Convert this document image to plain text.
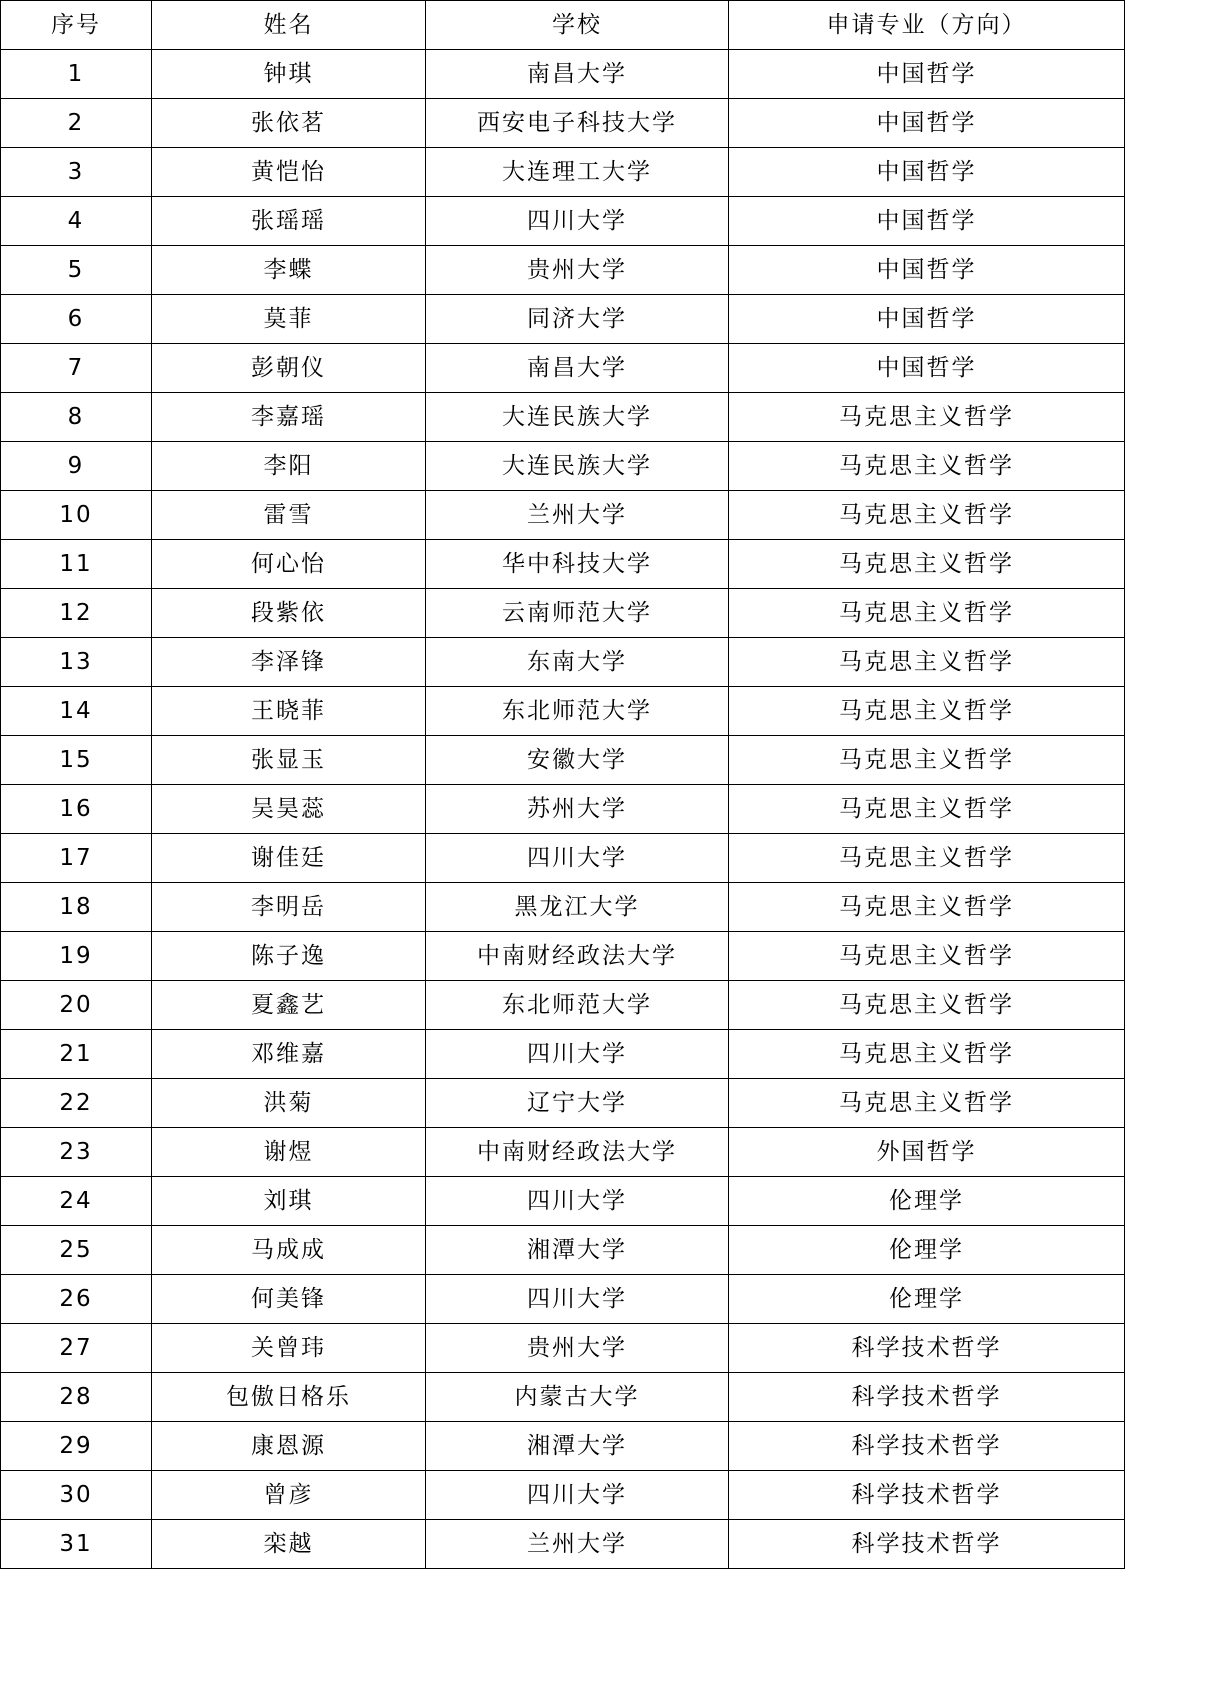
序号	姓名	学校	申请专业（方向）
1	钟琪	南昌大学	中国哲学
2	张依茗	西安电子科技大学	中国哲学
3	黄恺怡	大连理工大学	中国哲学
4	张瑶瑶	四川大学	中国哲学
5	李蝶	贵州大学	中国哲学
6	莫菲	同济大学	中国哲学
7	彭朝仪	南昌大学	中国哲学
8	李嘉瑶	大连民族大学	马克思主义哲学
9	李阳	大连民族大学	马克思主义哲学
10	雷雪	兰州大学	马克思主义哲学
11	何心怡	华中科技大学	马克思主义哲学
12	段紫依	云南师范大学	马克思主义哲学
13	李泽锋	东南大学	马克思主义哲学
14	王晓菲	东北师范大学	马克思主义哲学
15	张显玉	安徽大学	马克思主义哲学
16	吴昊蕊	苏州大学	马克思主义哲学
17	谢佳廷	四川大学	马克思主义哲学
18	李明岳	黑龙江大学	马克思主义哲学
19	陈子逸	中南财经政法大学	马克思主义哲学
20	夏鑫艺	东北师范大学	马克思主义哲学
21	邓维嘉	四川大学	马克思主义哲学
22	洪菊	辽宁大学	马克思主义哲学
23	谢煜	中南财经政法大学	外国哲学
24	刘琪	四川大学	伦理学
25	马成成	湘潭大学	伦理学
26	何美锋	四川大学	伦理学
27	关曾玮	贵州大学	科学技术哲学
28	包傲日格乐	内蒙古大学	科学技术哲学
29	康恩源	湘潭大学	科学技术哲学
30	曾彦	四川大学	科学技术哲学
31	栾越	兰州大学	科学技术哲学
